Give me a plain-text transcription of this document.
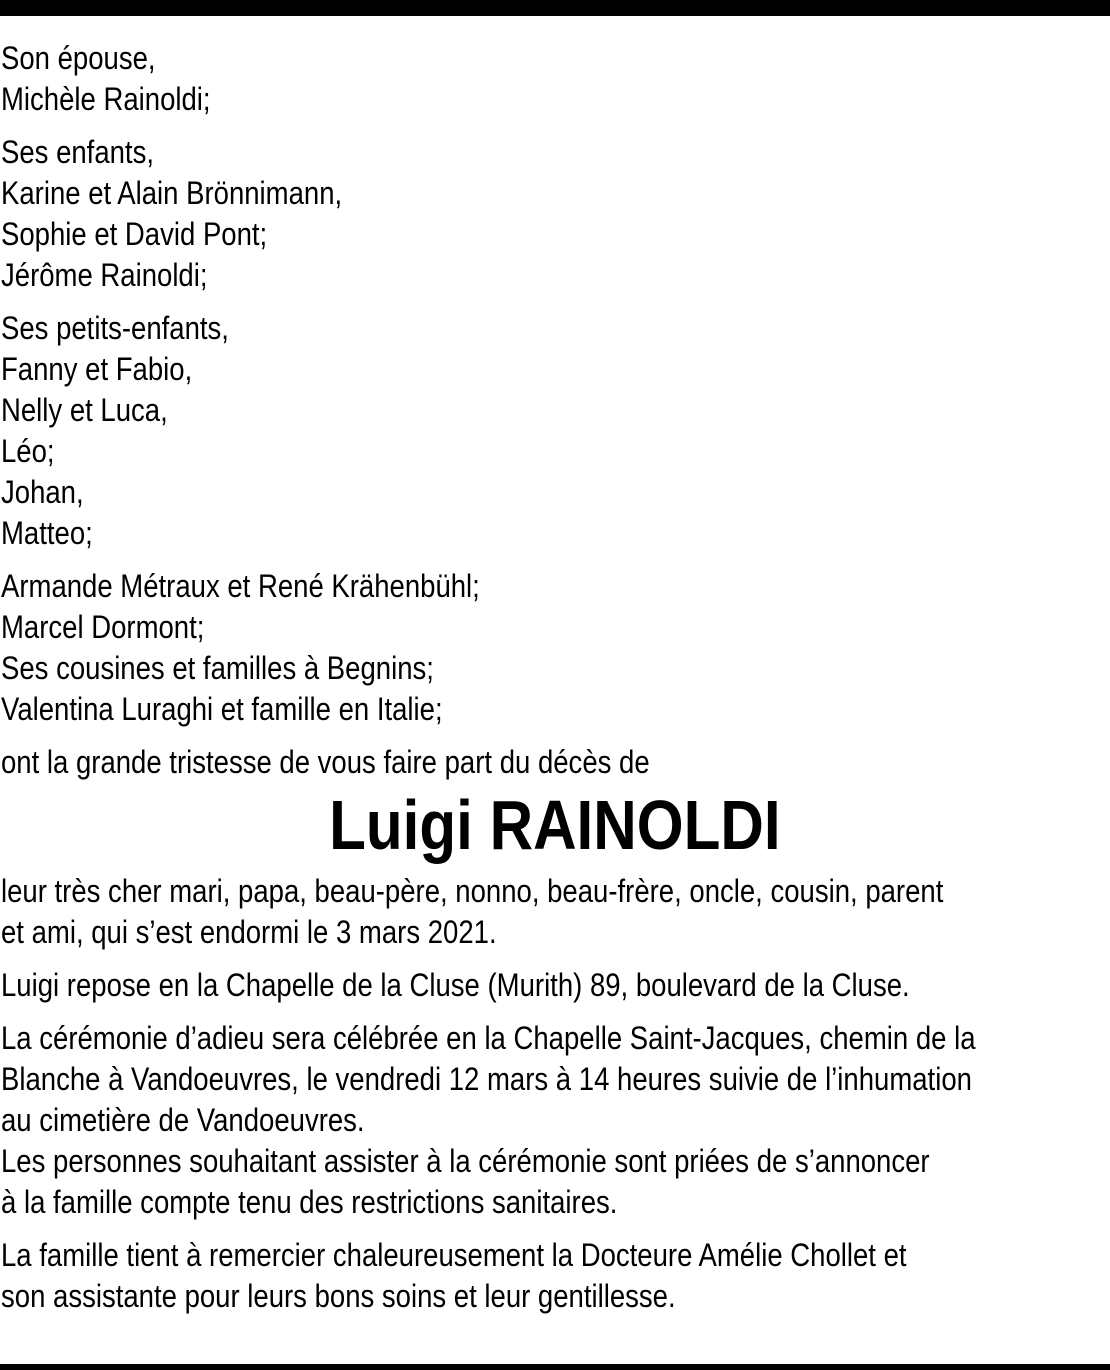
Son épouse,
Michèle Rainoldi;
Ses enfants,
Karine et Alain Brönnimann,
Sophie et David Pont;
Jérôme Rainoldi;
Ses petits-enfants,
Fanny et Fabio,
Nelly et Luca,
Léo;
Johan,
Matteo;
Armande Métraux et René Krähenbühl;
Marcel Dormont;
Ses cousines et familles à Begnins;
Valentina Luraghi et famille en Italie;
ont la grande tristesse de vous faire part du décès de
Luigi RAINOLDI
leur très cher mari, papa, beau-père, nonno, beau-frère, oncle, cousin, parent
et ami, qui s’est endormi le 3 mars 2021.
Luigi repose en la Chapelle de la Cluse (Murith) 89, boulevard de la Cluse.
La cérémonie d’adieu sera célébrée en la Chapelle Saint-Jacques, chemin de la
Blanche à Vandoeuvres, le vendredi 12 mars à 14 heures suivie de l’inhumation
au cimetière de Vandoeuvres.
Les personnes souhaitant assister à la cérémonie sont priées de s’annoncer
à la famille compte tenu des restrictions sanitaires.
La famille tient à remercier chaleureusement la Docteure Amélie Chollet et
son assistante pour leurs bons soins et leur gentillesse.
